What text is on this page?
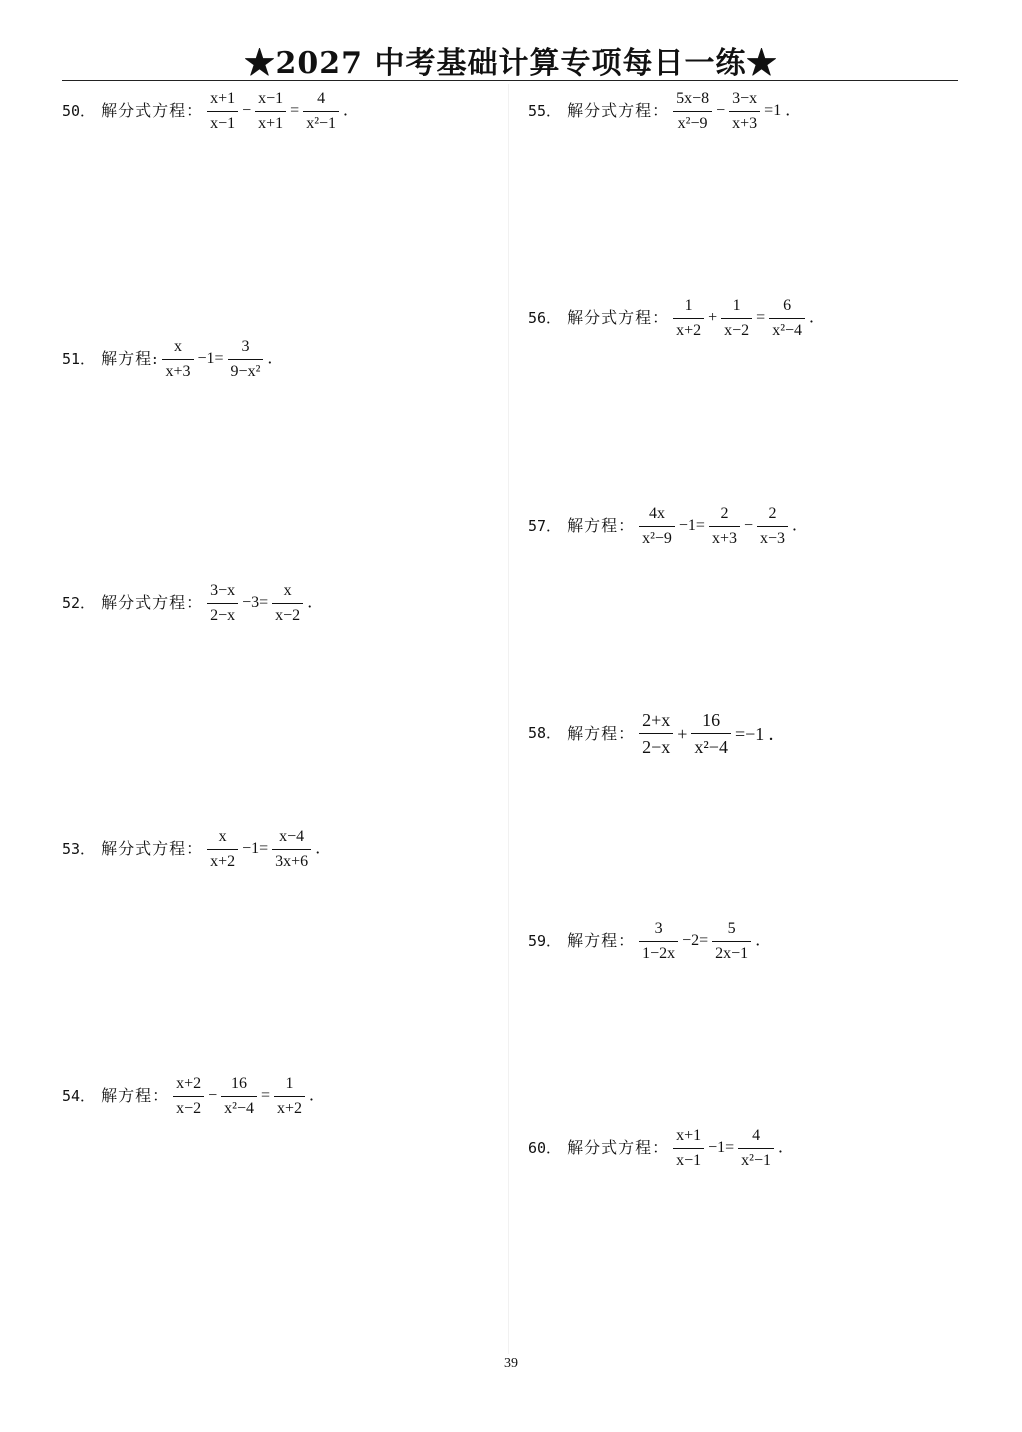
★2027 中考基础计算专项每日一练★
50． 解分式方程： $\frac{x+1}{x-1} - \frac{x-1}{x+1} = \frac{4}{\text{x²−1}}$ ．
51． 解方程: $\frac{x}{x+3} -1= \frac{3}{\text{9−x²}}$ ．
52． 解分式方程： $\frac{3-x}{2-x} -3= \frac{x}{x-2}$ ．
53． 解分式方程： $\frac{x}{x+2} -1= \frac{x-4}{3x+6}$ ．
54． 解方程： $\frac{x+2}{x-2} - \frac{16}{\text{x²−4}} = \frac{1}{x+2}$ ．
55． 解分式方程： $\frac{5x-8}{\text{x²−9}} - \frac{3-x}{x+3} =1$ ．
56． 解分式方程： $\frac{1}{x+2} + \frac{1}{x-2} = \frac{6}{\text{x²−4}}$ ．
57． 解方程： $\frac{4x}{\text{x²−9}} -1= \frac{2}{x+3} - \frac{2}{x-3}$ ．
58． 解方程： $\frac{2+x}{2-x} + \frac{16}{\text{x²−4}} =-1$ ．
59． 解方程： $\frac{3}{1-2x} -2= \frac{5}{2x-1}$ ．
60． 解分式方程： $\frac{x+1}{x-1} -1= \frac{4}{\text{x²−1}}$ ．
39
